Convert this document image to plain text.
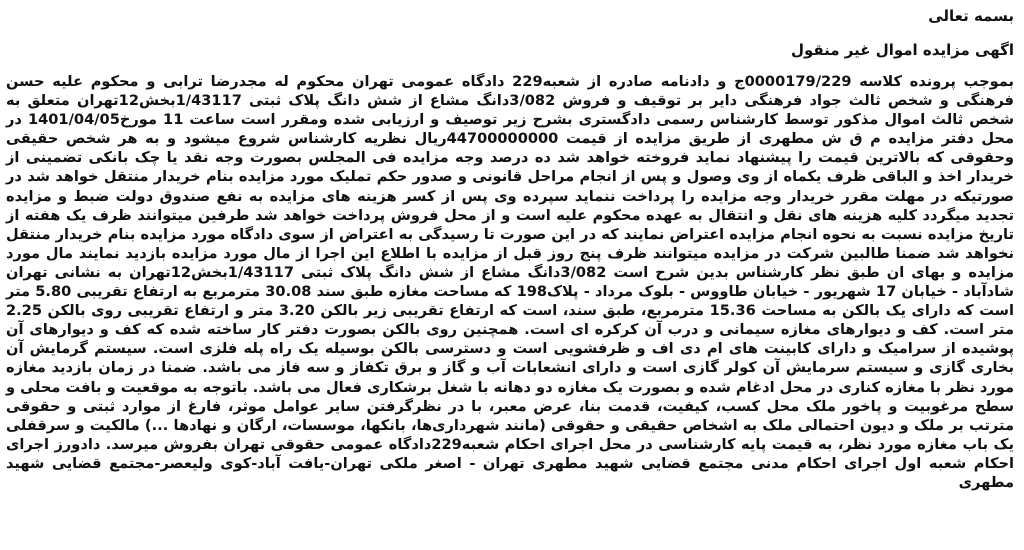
بسمه تعالی

اگهی مزایده اموال غیر منقول

بموجب پرونده کلاسه 0000179/229ج و دادنامه صادره از شعبه229 دادگاه عمومی تهران محکوم له مجدرضا ترابی و محکوم علیه حسن فرهنگی و شخص ثالث جواد فرهنگی دایر بر توقیف و فروش 3/082دانگ مشاع از شش دانگ پلاک ثبتی 1/43117بخش12تهران متعلق به شخص ثالث اموال مذکور توسط کارشناس رسمی دادگستری بشرح زیر توصیف و ارزیابی شده ومقرر است ساعت 11 مورخ1401/04/05 در محل دفتر مزایده م ق ش مطهری از طریق مزایده از قیمت 44700000000ریال نظریه کارشناس شروع میشود و به هر شخص حقیقی وحقوقی که بالاترین قیمت را پیشنهاد نماید فروخته خواهد شد ده درصد وجه مزایده فی المجلس بصورت وجه نقد یا چک بانکی تضمینی از خریدار اخذ و الباقی ظرف یکماه از وی وصول و پس از انجام مراحل قانونی و صدور حکم تملیک مورد مزایده بنام خریدار منتقل خواهد شد در صورتیکه در مهلت مقرر خریدار وجه مزایده را پرداخت ننماید سپرده وی پس از کسر هزینه های مزایده به نفع صندوق دولت ضبط و مزایده تجدید میگردد کلیه هزینه های نقل و انتقال به عهده محکوم علیه است و از محل فروش پرداخت خواهد شد طرفین میتوانند ظرف یک هفته از تاریخ مزایده نسبت به نحوه انجام مزایده اعتراض نمایند که در این صورت تا رسیدگی به اعتراض از سوی دادگاه مورد مزایده بنام خریدار منتقل نخواهد شد ضمنا طالبین شرکت در مزایده میتوانند ظرف پنج روز قبل از مزایده با اطلاع این اجرا از مال مورد مزایده بازدید نمایند مال مورد مزایده و بهای ان طبق نظر کارشناس بدین شرح است 3/082دانگ مشاع از شش دانگ پلاک ثبتی 1/43117بخش12تهران به نشانی تهران شادآباد - خیابان 17 شهریور - خیابان طاووس - بلوک مرداد - پلاک198 که مساحت مغازه طبق سند 30.08 مترمربع به ارتفاع تقریبی 5.80 متر است که دارای یک بالکن به مساحت 15.36 مترمربع، طبق سند، است که ارتفاع تقریبی زیر بالکن 3.20 متر و ارتفاع تقریبی روی بالکن 2.25 متر است. کف و دیوارهای مغازه سیمانی و درب آن کرکره ای است. همچنین روی بالکن بصورت دفتر کار ساخته شده که کف و دیوارهای آن پوشیده از سرامیک و دارای کابینت های ام دی اف و ظرفشویی است و دسترسی بالکن بوسیله یک راه پله فلزی است. سیستم گرمایش آن بخاری گازی و سیستم سرمایش آن کولر گازی است و دارای انشعابات آب و گاز و برق تکفاز و سه فاز می باشد. ضمنا در زمان بازدید مغازه مورد نظر با مغازه کناری در محل ادغام شده و بصورت یک مغازه دو دهانه با شغل برشکاری فعال می باشد. باتوجه به موقعیت و بافت محلی و سطح مرغوبیت و پاخور ملک محل کسب، کیفیت، قدمت بنا، عرض معبر، با در نظرگرفتن سایر عوامل موثر، فارغ از موارد ثبتی و حقوقی مترتب بر ملک و دیون احتمالی ملک به اشخاص حقیقی و حقوقی (مانند شهرداری‌ها، بانکها، موسسات، ارگان و نهادها ...) مالکیت و سرقفلی یک باب مغازه مورد نظر، به قیمت پایه کارشناسی در محل اجرای احکام شعبه229دادگاه عمومی حقوقی تهران بفروش میرسد. دادورز اجرای احکام شعبه اول اجرای احکام مدنی مجتمع قضایی شهید مطهری تهران - اصغر ملکی تهران-یافت آباد-کوی ولیعصر-مجتمع قضایی شهید مطهری
